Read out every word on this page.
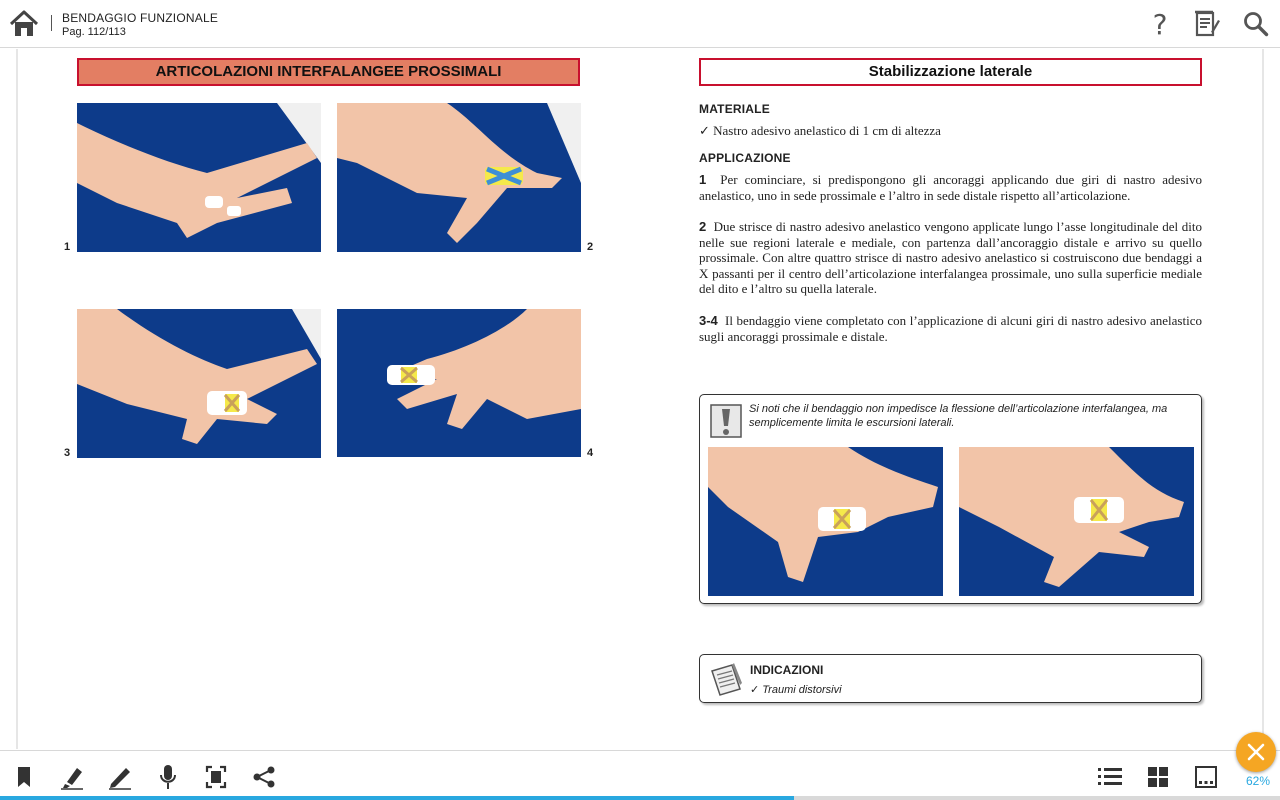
BENDAGGIO FUNZIONALE
Pag. 112/113	?
ARTICOLAZIONI INTERFALANGEE PROSSIMALI
1	2
3	4
Stabilizzazione laterale
MATERIALE
✓ Nastro adesivo anelastico di 1 cm di altezza
APPLICAZIONE
1 Per cominciare, si predispongono gli ancoraggi applicando due giri di nastro adesivo anelastico, uno in sede prossimale e l’altro in sede distale rispetto all’articolazione.
2 Due strisce di nastro adesivo anelastico vengono applicate lungo l’asse longitudinale del dito nelle sue regioni laterale e mediale, con partenza dall’ancoraggio distale e arrivo su quello prossimale. Con altre quattro strisce di nastro adesivo anelastico si costruiscono due bendaggi a X passanti per il centro dell’articolazione interfalangea prossimale, uno sulla superficie mediale del dito e l’altro su quella laterale.
3-4 Il bendaggio viene completato con l’applicazione di alcuni giri di nastro adesivo anelastico sugli ancoraggi prossimale e distale.
Si noti che il bendaggio non impedisce la flessione dell’articolazione interfalangea, ma semplicemente limita le escursioni laterali.
INDICAZIONI
✓ Traumi distorsivi
62%
